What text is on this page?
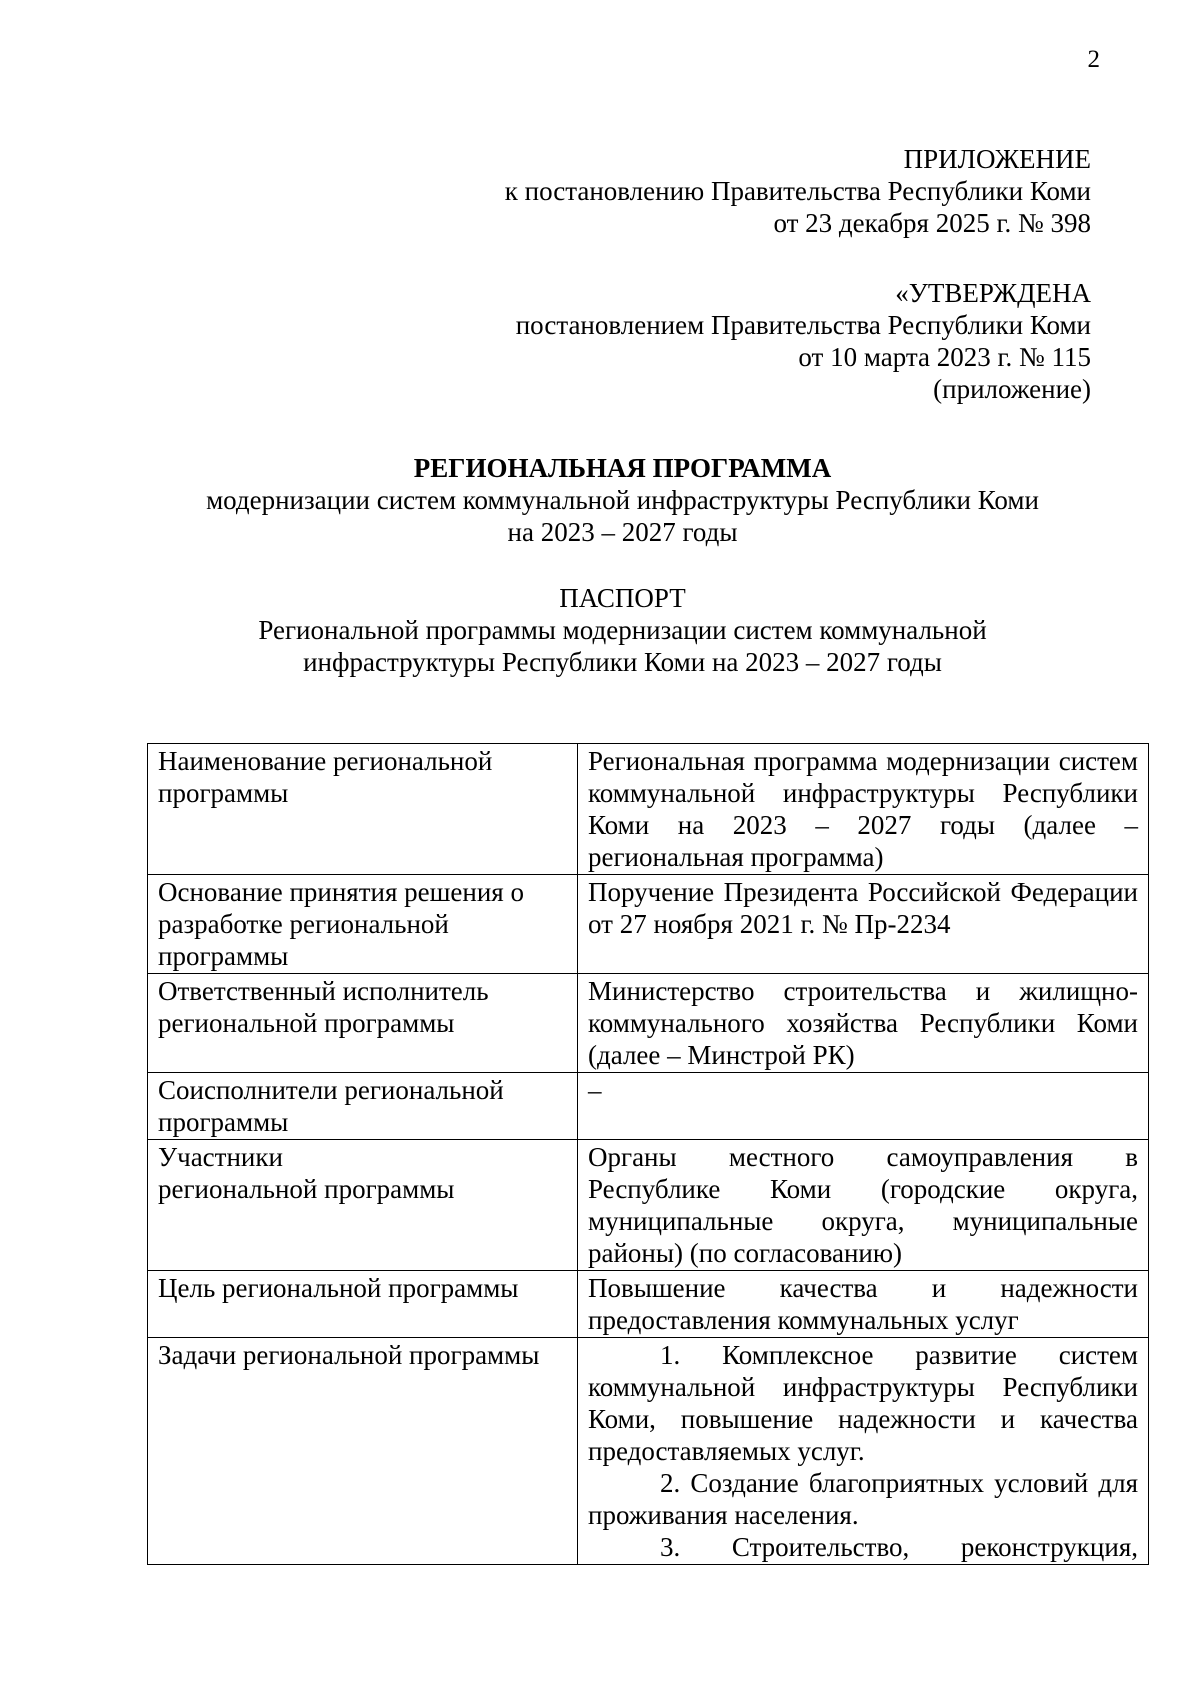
2
ПРИЛОЖЕНИЕ
к постановлению Правительства Республики Коми
от 23 декабря 2025 г. № 398
«УТВЕРЖДЕНА
постановлением Правительства Республики Коми
от 10 марта 2023 г. № 115
(приложение)
РЕГИОНАЛЬНАЯ ПРОГРАММА
модернизации систем коммунальной инфраструктуры Республики Коми
на 2023 – 2027 годы
ПАСПОРТ
Региональной программы модернизации систем коммунальной
инфраструктуры Республики Коми на 2023 – 2027 годы
Наименование региональной программы	Региональная программа модернизации систем коммунальной инфраструктуры Республики Коми на 2023 – 2027 годы (далее – региональная программа)
Основание принятия решения о разработке региональной программы	Поручение Президента Российской Федерации от 27 ноября 2021 г. № Пр-2234
Ответственный исполнитель региональной программы	Министерство строительства и жилищно-коммунального хозяйства Республики Коми (далее – Минстрой РК)
Соисполнители региональной программы	–

Участники
региональной программы	Органы местного самоуправления в Республике Коми (городские округа, муниципальные округа, муниципальные районы) (по согласованию)
Цель региональной программы	Повышение качества и надежности предоставления коммунальных услуг
Задачи региональной программы	1. Комплексное развитие систем коммунальной инфраструктуры Республики Коми, повышение надежности и качества предоставляемых услуг.

2. Создание благоприятных условий для проживания населения.

3. Строительство, реконструкция,
